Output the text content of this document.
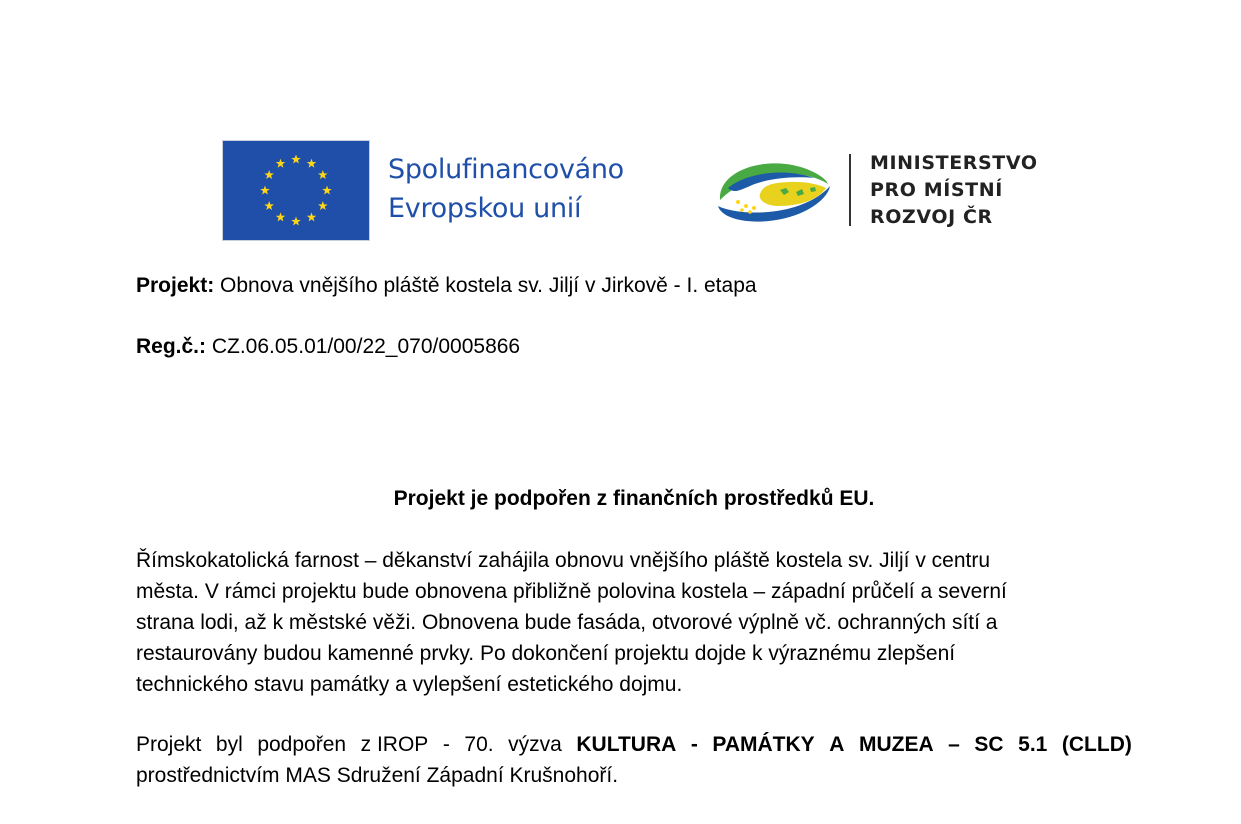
Spolufinancováno
Evropskou unií
MINISTERSTVO
PRO MÍSTNÍ
ROZVOJ ČR
Projekt: Obnova vnějšího pláště kostela sv. Jiljí v Jirkově - I. etapa
Reg.č.: CZ.06.05.01/00/22_070/0005866
Projekt je podpořen z finančních prostředků EU.
Římskokatolická farnost – děkanství zahájila obnovu vnějšího pláště kostela sv. Jiljí v centru
města. V rámci projektu bude obnovena přibližně polovina kostela – západní průčelí a severní
strana lodi, až k městské věži. Obnovena bude fasáda, otvorové výplně vč. ochranných sítí a
restaurovány budou kamenné prvky. Po dokončení projektu dojde k výraznému zlepšení
technického stavu památky a vylepšení estetického dojmu.
Projekt byl podpořen z IROP - 70. výzva KULTURA - PAMÁTKY A MUZEA – SC 5.1 (CLLD)
prostřednictvím MAS Sdružení Západní Krušnohoří.
